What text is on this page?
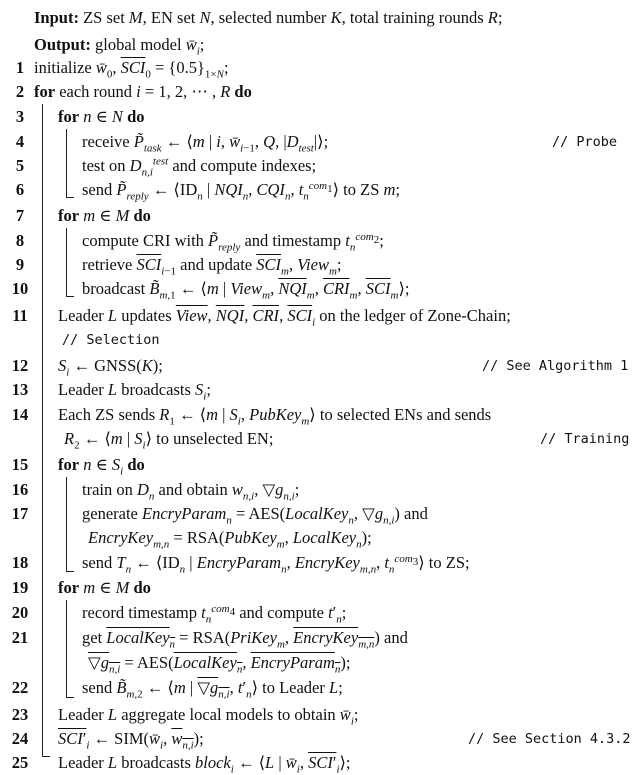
Input: ZS set M, EN set N, selected number K, total training rounds R;
Output: global model $w̄_i$;
1 initialize $w̄_0$, $\overline{SCI}_0 = \{0.5\}_{1\times N}$;
2 for each round i = 1, 2, ⋯ , R do
3	for n ∈ N do
4	receive $P̃_{task}$ ← ⟨m | i, $w̄_{i-1}$, Q, $|D_{test}|⟩$;	// Probe
5	test on $D_{n,i}^{test}$ and compute indexes;
6	send $P̃_{reply}$ ← $⟨ID_n$ | $NQI_n$, $CQI_n$, $t_n^{com_1}⟩$ to ZS m;
7	for m ∈ M do
8	compute CRI with $P̃_{reply}$ and timestamp $t_n^{com_2}$;
9	retrieve $\overline{SCI}_{i-1}$ and update $\overline{SCI}_m$, View$_m$;
10	broadcast $B̃_{m,1}$ ← ⟨m | View$_m$, $\overline{NQI}_m$, $\overline{CRI}_m$, $\overline{SCI}_m⟩$;
11	Leader L updates View, $\overline{NQI}$, $\overline{CRI}$, $\overline{SCI}_i$ on the ledger of Zone-Chain;
// Selection
12	$S_i$ ← GNSS(K);	// See Algorithm 1
13	Leader L broadcasts $S_i$;
14	Each ZS sends $R_1$ ← ⟨m | $S_i$, PubKey$_m$⟩ to selected ENs and sends
$R_2$ ← ⟨m | $S_i⟩$ to unselected EN;	// Training
15	for n ∈ $S_i$ do
16	train on $D_n$ and obtain $w_{n,i}$, $▽g_{n,i}$;
17	generate EncryParam$_n$ = AES(LocalKey$_n$, $▽g_{n,i}$) and
EncryKey$_{m,n}$ = RSA(PubKey$_m$, LocalKey$_n$);
18	send $T_n$ ← $⟨ID_n$ | EncryParam$_n$, EncryKey$_{m,n}$, $t_n^{com_3}⟩$ to ZS;
19	for m ∈ M do
20	record timestamp $t_n^{com_4}$ and compute $t'_n$;
21	get LocalKey$_n$ = RSA(PriKey$_m$, EncryKey$_{m,n}$) and
$▽g_{n,i}$ = AES(LocalKey$_n$, EncryParam$_n$);
22	send $B̃_{m,2}$ ← ⟨m | $▽g_{n,i}$, $t'_n⟩$ to Leader L;
23	Leader L aggregate local models to obtain $w̄_i$;
24	$SCI'_i$ ← $SIM(w̄_i$, $w_{n,i}$);	// See Section 4.3.2
25	Leader L broadcasts block$_i$ ← ⟨L | $w̄_i$, $SCI'_i⟩$;
